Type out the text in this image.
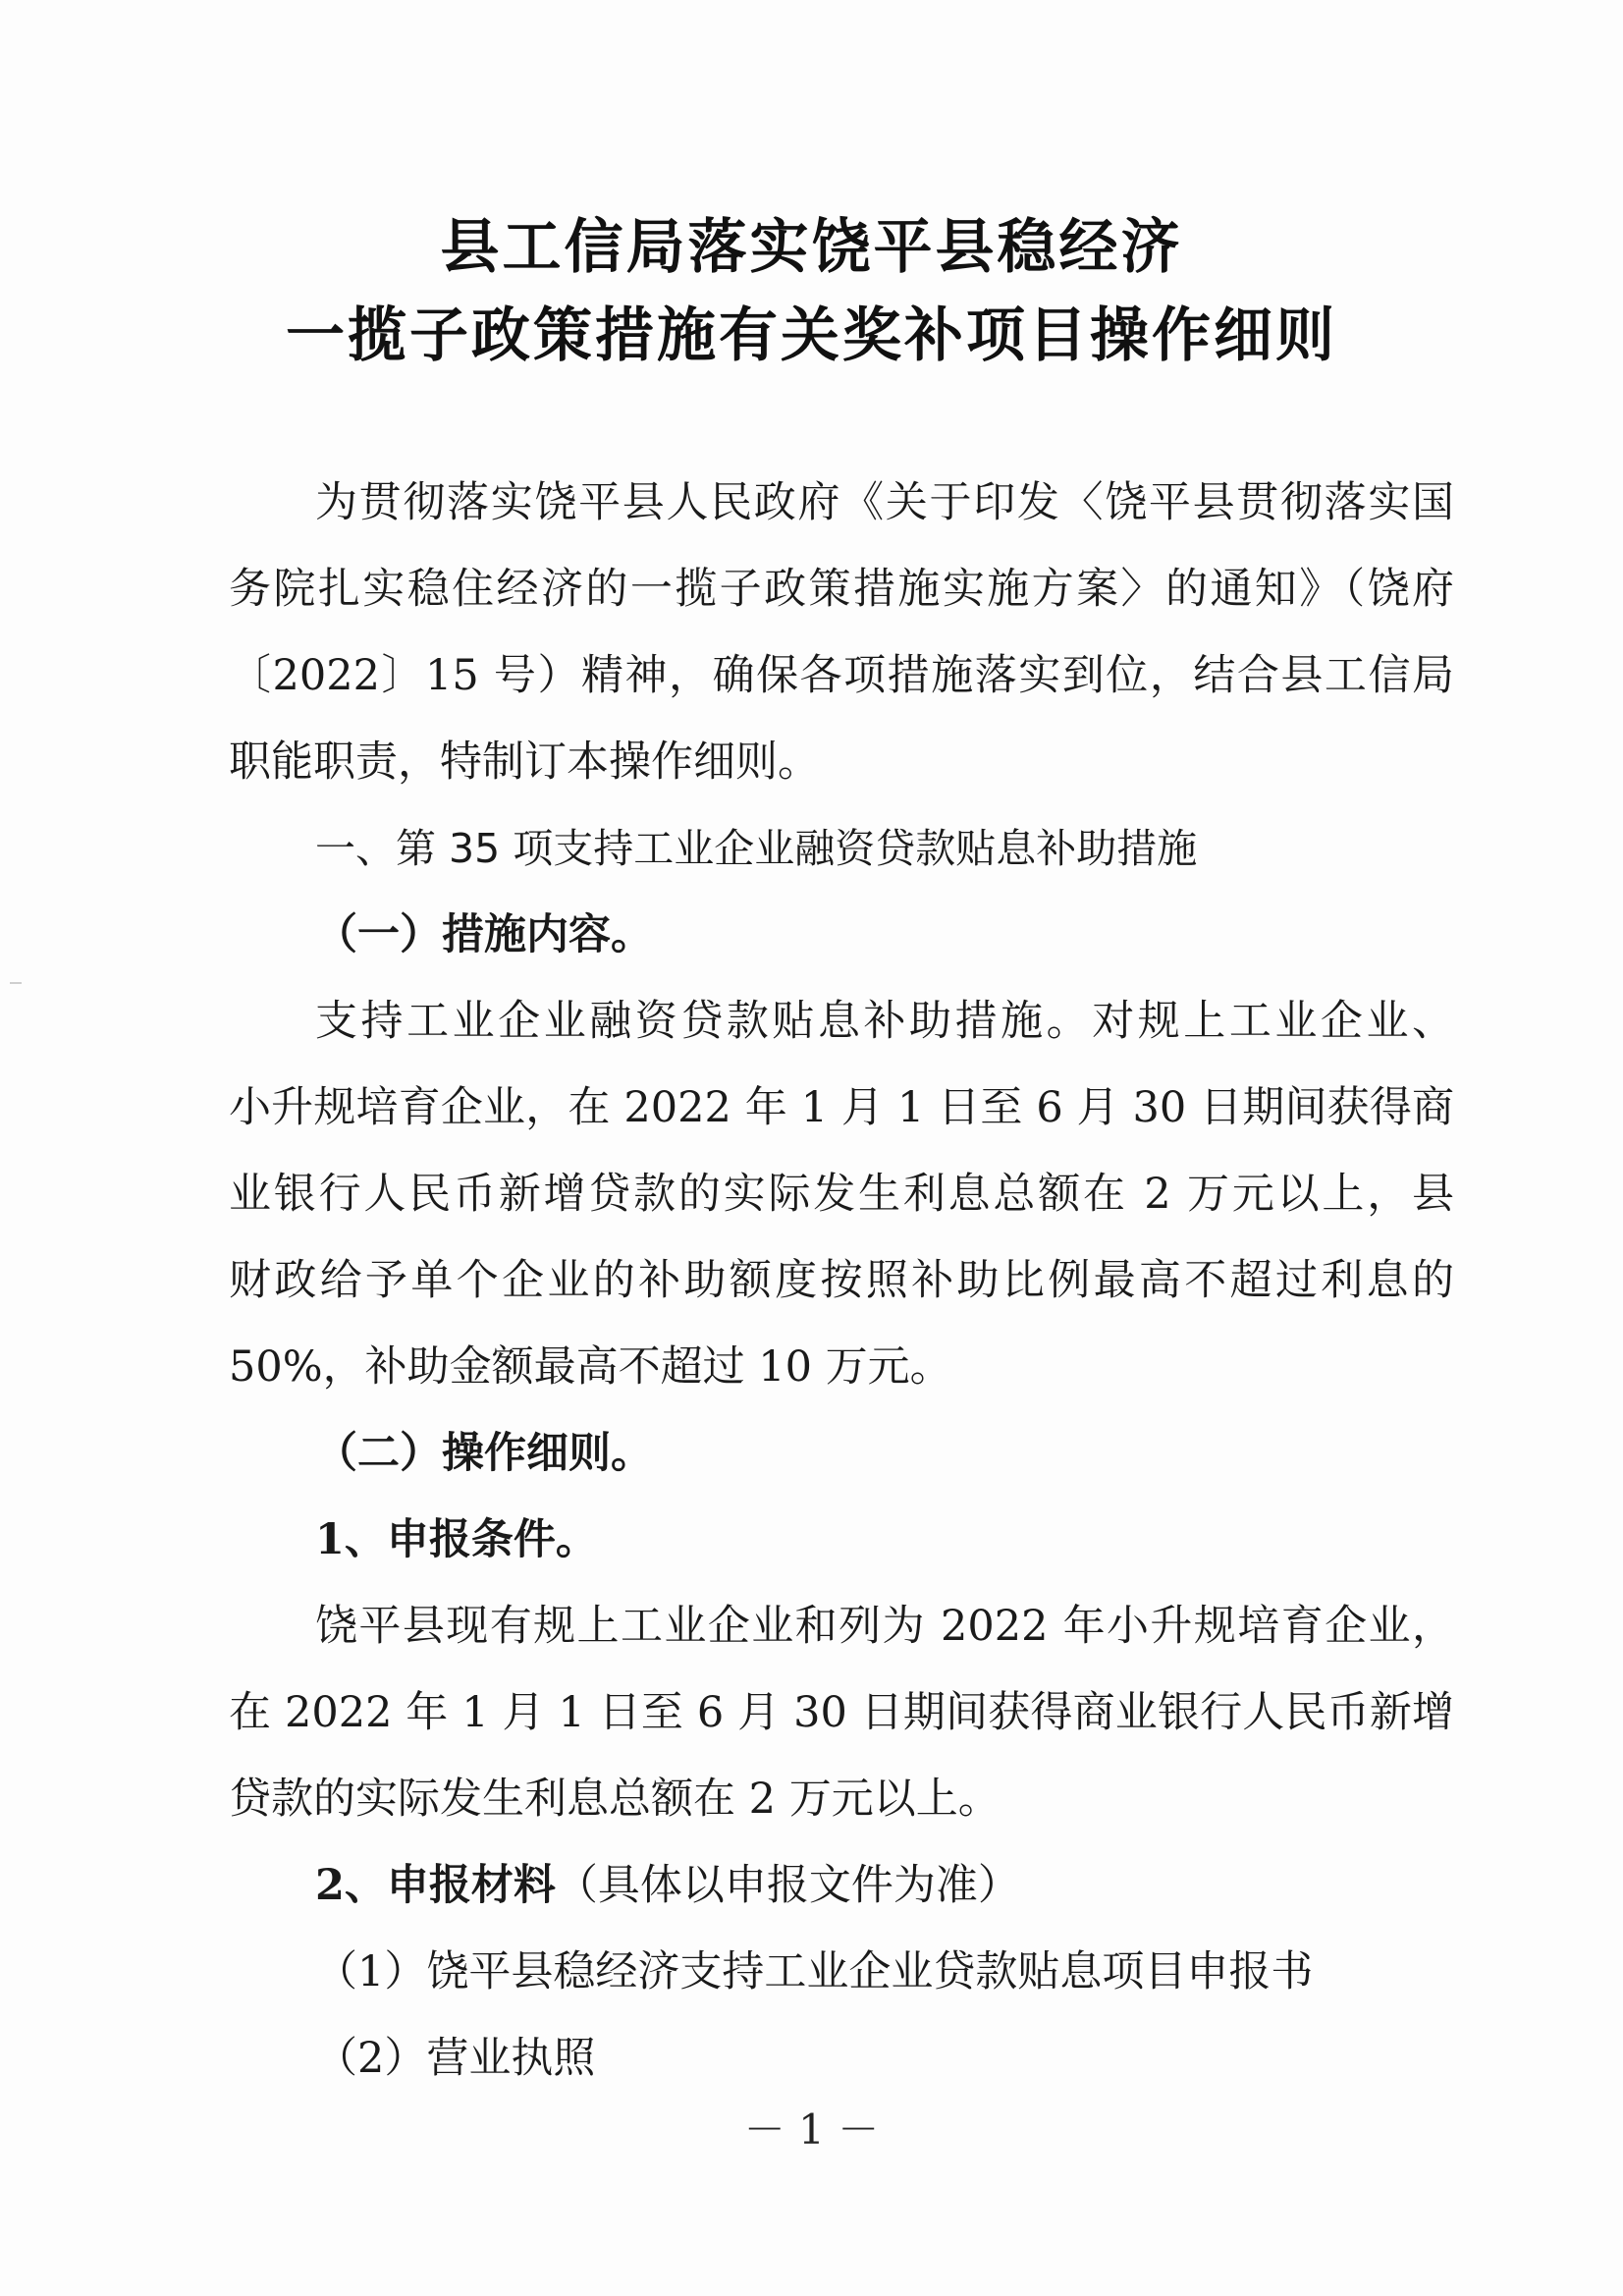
县工信局落实饶平县稳经济
一揽子政策措施有关奖补项目操作细则
为贯彻落实饶平县人民政府《关于印发〈饶平县贯彻落实国
务院扎实稳住经济的一揽子政策措施实施方案〉的通知》（饶府
〔2022〕15 号）精神，确保各项措施落实到位，结合县工信局
职能职责，特制订本操作细则。
一、第 35 项支持工业企业融资贷款贴息补助措施
（一）措施内容。
支持工业企业融资贷款贴息补助措施。对规上工业企业、
小升规培育企业，在 2022 年 1 月 1 日至 6 月 30 日期间获得商
业银行人民币新增贷款的实际发生利息总额在 2 万元以上，县
财政给予单个企业的补助额度按照补助比例最高不超过利息的
50%，补助金额最高不超过 10 万元。
（二）操作细则。
1、申报条件。
饶平县现有规上工业企业和列为 2022 年小升规培育企业，
在 2022 年 1 月 1 日至 6 月 30 日期间获得商业银行人民币新增
贷款的实际发生利息总额在 2 万元以上。
2、申报材料（具体以申报文件为准）
（1）饶平县稳经济支持工业企业贷款贴息项目申报书
（2）营业执照
－ 1 －
